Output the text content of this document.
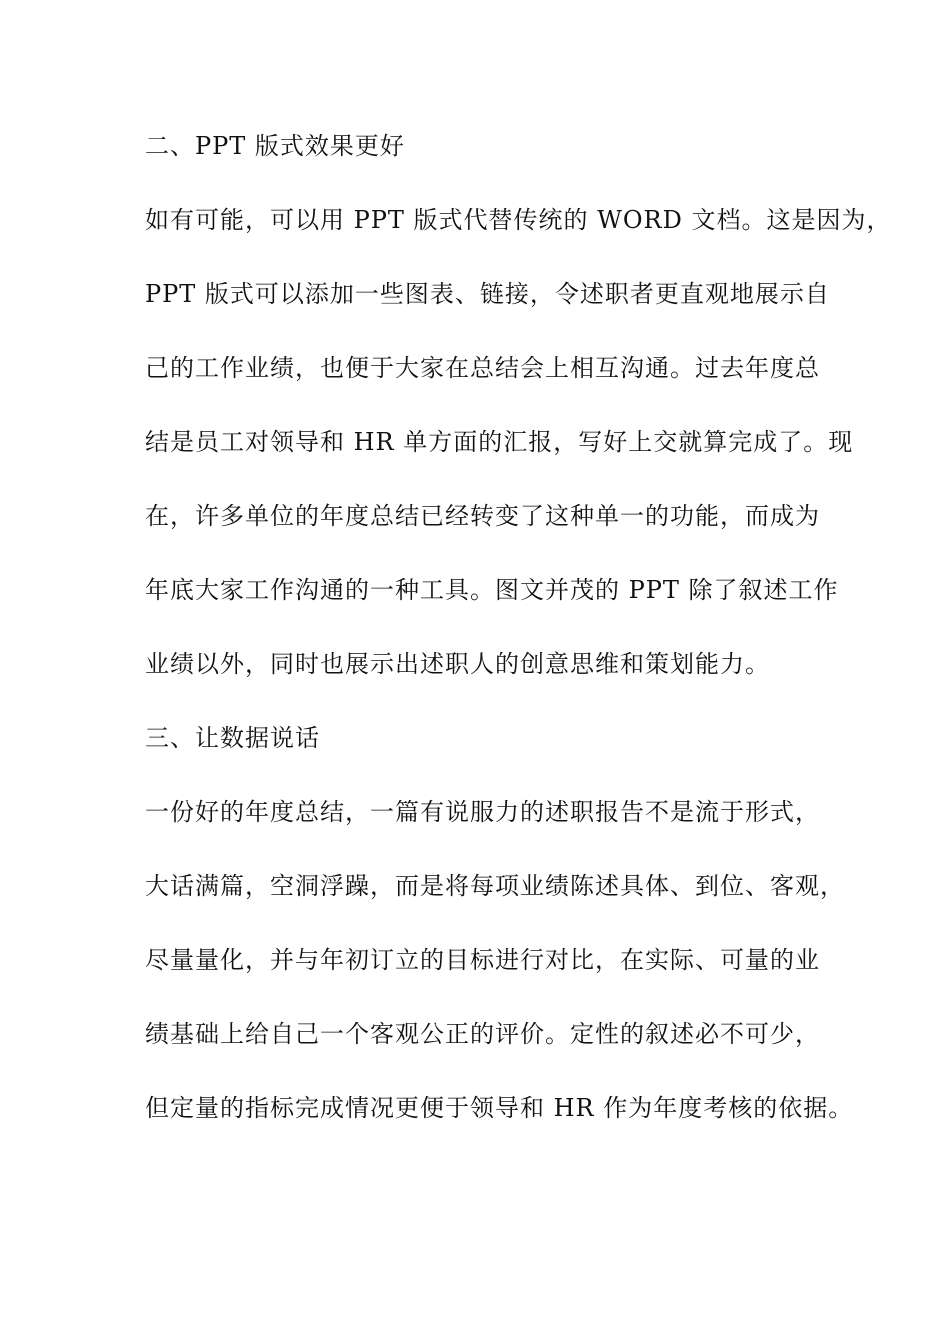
二、PPT 版式效果更好
如有可能，可以用 PPT 版式代替传统的 WORD 文档。这是因为，
PPT 版式可以添加一些图表、链接，令述职者更直观地展示自
己的工作业绩，也便于大家在总结会上相互沟通。过去年度总
结是员工对领导和 HR 单方面的汇报，写好上交就算完成了。现
在，许多单位的年度总结已经转变了这种单一的功能，而成为
年底大家工作沟通的一种工具。图文并茂的 PPT 除了叙述工作
业绩以外，同时也展示出述职人的创意思维和策划能力。
三、让数据说话
一份好的年度总结，一篇有说服力的述职报告不是流于形式，
大话满篇，空洞浮躁，而是将每项业绩陈述具体、到位、客观，
尽量量化，并与年初订立的目标进行对比，在实际、可量的业
绩基础上给自己一个客观公正的评价。定性的叙述必不可少，
但定量的指标完成情况更便于领导和 HR 作为年度考核的依据。
